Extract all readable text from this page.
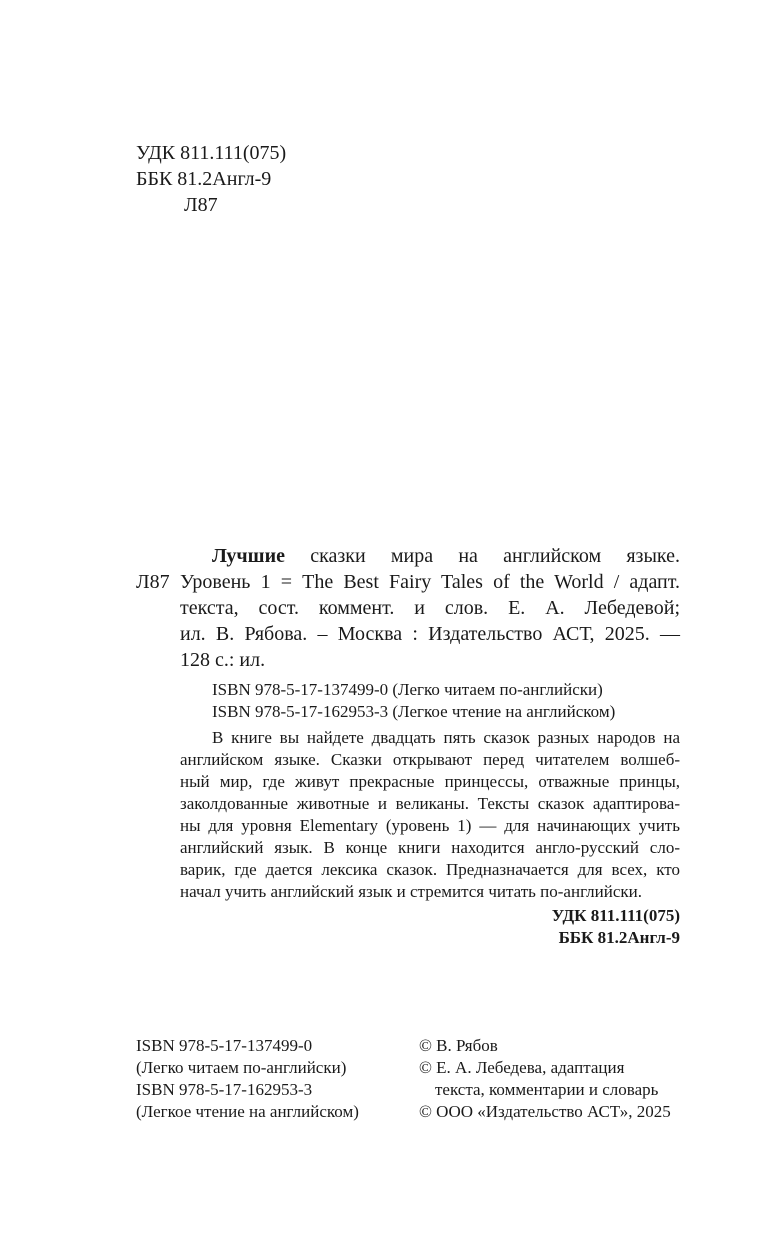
УДК 811.111(075)
ББК 81.2Англ-9
Л87
Л87
Лучшие сказки мира на английском языке.
Уровень 1 = The Best Fairy Tales of the World / адапт.
текста, сост. коммент. и слов. Е. А. Лебедевой;
ил. В. Рябова. – Москва : Издательство АСТ, 2025. —
128 с.: ил.
ISBN 978-5-17-137499-0 (Легко читаем по-английски)
ISBN 978-5-17-162953-3 (Легкое чтение на английском)
В книге вы найдете двадцать пять сказок разных народов на
английском языке. Сказки открывают перед читателем волшеб-
ный мир, где живут прекрасные принцессы, отважные принцы,
заколдованные животные и великаны. Тексты сказок адаптирова-
ны для уровня Elementary (уровень 1) — для начинающих учить
английский язык. В конце книги находится англо-русский сло-
варик, где дается лексика сказок. Предназначается для всех, кто
начал учить английский язык и стремится читать по-английски.
УДК 811.111(075)
ББК 81.2Англ-9
ISBN 978-5-17-137499-0
(Легко читаем по-английски)
ISBN 978-5-17-162953-3
(Легкое чтение на английском)
© В. Рябов
© Е. А. Лебедева, адаптация
текста, комментарии и словарь
© ООО «Издательство АСТ», 2025
